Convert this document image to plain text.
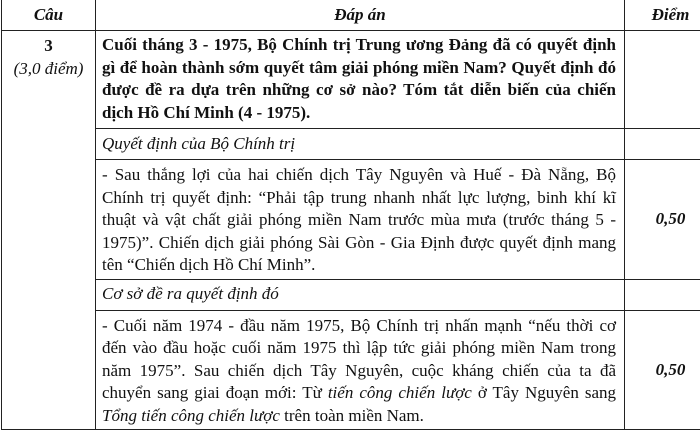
Câu	Đáp án	Điểm

3
(3,0 điểm)	Cuối tháng 3 - 1975, Bộ Chính trị Trung ương Đảng đã có quyết định gì để hoàn thành sớm quyết tâm giải phóng miền Nam? Quyết định đó được đề ra dựa trên những cơ sở nào? Tóm tắt diễn biến của chiến dịch Hồ Chí Minh (4 - 1975).	
	Quyết định của Bộ Chính trị	
	- Sau thắng lợi của hai chiến dịch Tây Nguyên và Huế - Đà Nẵng, Bộ Chính trị quyết định: “Phải tập trung nhanh nhất lực lượng, binh khí kĩ thuật và vật chất giải phóng miền Nam trước mùa mưa (trước tháng 5 - 1975)”. Chiến dịch giải phóng Sài Gòn - Gia Định được quyết định mang tên “Chiến dịch Hồ Chí Minh”.	0,50
	Cơ sở đề ra quyết định đó	
	- Cuối năm 1974 - đầu năm 1975, Bộ Chính trị nhấn mạnh “nếu thời cơ đến vào đầu hoặc cuối năm 1975 thì lập tức giải phóng miền Nam trong năm 1975”. Sau chiến dịch Tây Nguyên, cuộc kháng chiến của ta đã chuyển sang giai đoạn mới: Từ tiến công chiến lược ở Tây Nguyên sang Tổng tiến công chiến lược trên toàn miền Nam.	0,50
